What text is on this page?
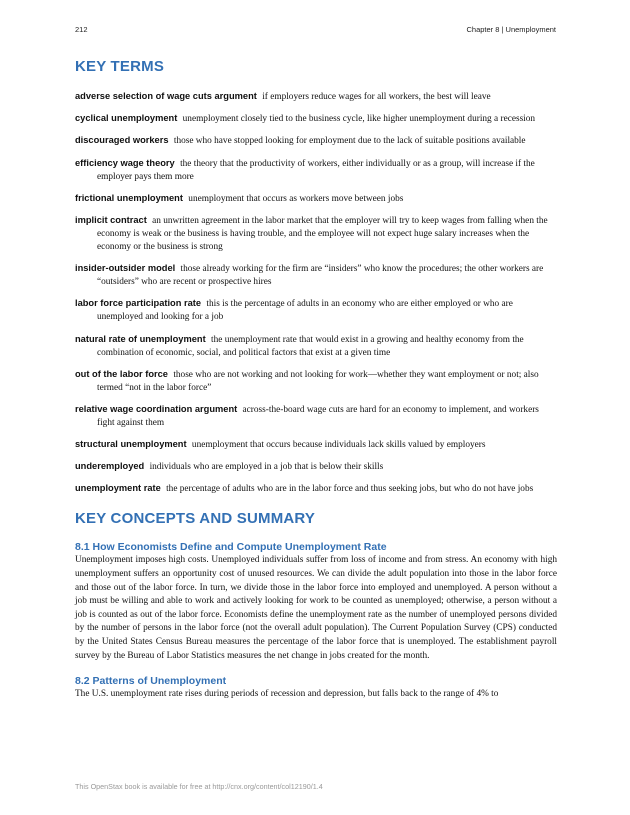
212	Chapter 8 | Unemployment
KEY TERMS

adverse selection of wage cuts argument if employers reduce wages for all workers, the best will leave

cyclical unemployment unemployment closely tied to the business cycle, like higher unemployment during a recession

discouraged workers those who have stopped looking for employment due to the lack of suitable positions available

efficiency wage theory the theory that the productivity of workers, either individually or as a group, will increase if the employer pays them more

frictional unemployment unemployment that occurs as workers move between jobs

implicit contract an unwritten agreement in the labor market that the employer will try to keep wages from falling when the economy is weak or the business is having trouble, and the employee will not expect huge salary increases when the economy or the business is strong

insider-outsider model those already working for the firm are “insiders” who know the procedures; the other workers are “outsiders” who are recent or prospective hires

labor force participation rate this is the percentage of adults in an economy who are either employed or who are unemployed and looking for a job

natural rate of unemployment the unemployment rate that would exist in a growing and healthy economy from the combination of economic, social, and political factors that exist at a given time

out of the labor force those who are not working and not looking for work—whether they want employment or not; also termed “not in the labor force”

relative wage coordination argument across-the-board wage cuts are hard for an economy to implement, and workers fight against them

structural unemployment unemployment that occurs because individuals lack skills valued by employers

underemployed individuals who are employed in a job that is below their skills

unemployment rate the percentage of adults who are in the labor force and thus seeking jobs, but who do not have jobs

KEY CONCEPTS AND SUMMARY
8.1 How Economists Define and Compute Unemployment Rate

Unemployment imposes high costs. Unemployed individuals suffer from loss of income and from stress. An economy with high unemployment suffers an opportunity cost of unused resources. We can divide the adult population into those in the labor force and those out of the labor force. In turn, we divide those in the labor force into employed and unemployed. A person without a job must be willing and able to work and actively looking for work to be counted as unemployed; otherwise, a person without a job is counted as out of the labor force. Economists define the unemployment rate as the number of unemployed persons divided by the number of persons in the labor force (not the overall adult population). The Current Population Survey (CPS) conducted by the United States Census Bureau measures the percentage of the labor force that is unemployed. The establishment payroll survey by the Bureau of Labor Statistics measures the net change in jobs created for the month.

8.2 Patterns of Unemployment

The U.S. unemployment rate rises during periods of recession and depression, but falls back to the range of 4% to

This OpenStax book is available for free at http://cnx.org/content/col12190/1.4
